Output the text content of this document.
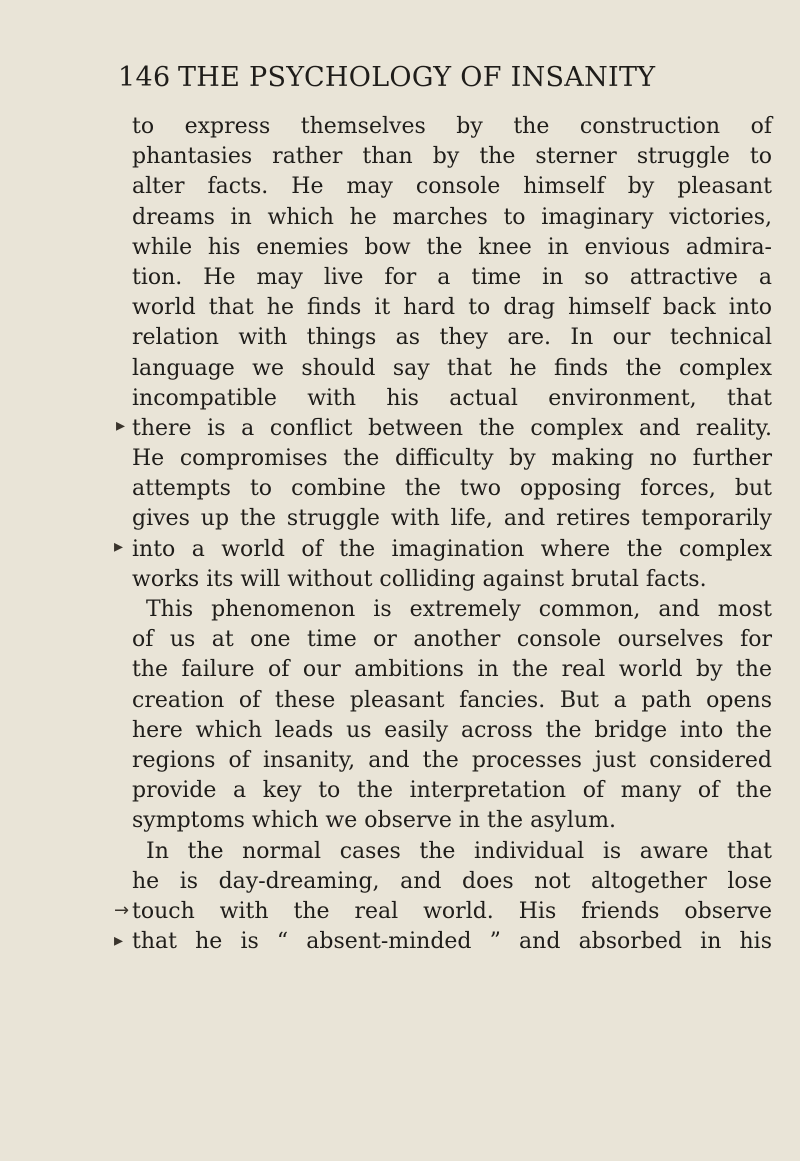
146 THE PSYCHOLOGY OF INSANITY
to express themselves by the construction of
phantasies rather than by the sterner struggle to
alter facts. He may console himself by pleasant
dreams in which he marches to imaginary victories,
while his enemies bow the knee in envious admira-
tion. He may live for a time in so attractive a
world that he finds it hard to drag himself back into
relation with things as they are. In our technical
language we should say that he finds the complex
incompatible with his actual environment, that
there is a conflict between the complex and reality.
He compromises the difficulty by making no further
attempts to combine the two opposing forces, but
gives up the struggle with life, and retires temporarily
into a world of the imagination where the complex
works its will without colliding against brutal facts.
This phenomenon is extremely common, and most
of us at one time or another console ourselves for
the failure of our ambitions in the real world by the
creation of these pleasant fancies. But a path opens
here which leads us easily across the bridge into the
regions of insanity, and the processes just considered
provide a key to the interpretation of many of the
symptoms which we observe in the asylum.
In the normal cases the individual is aware that
he is day-dreaming, and does not altogether lose
touch with the real world. His friends observe
that he is “ absent-minded ” and absorbed in his
▸
▸
→
▸
